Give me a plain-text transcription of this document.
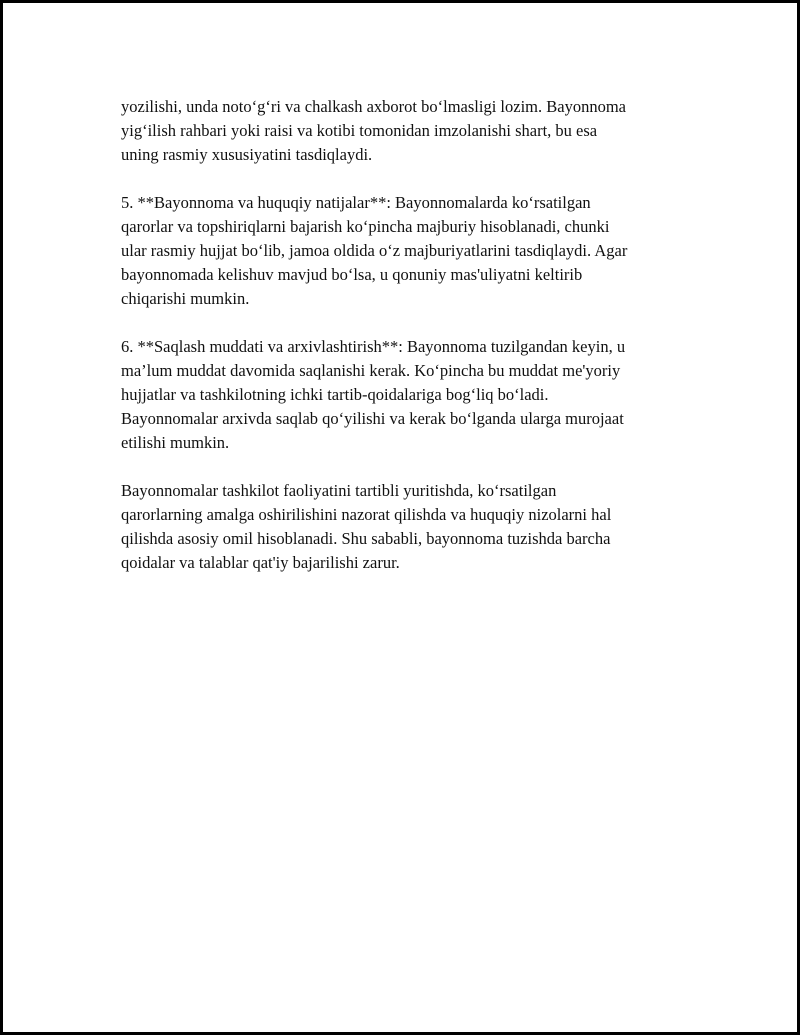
yozilishi, unda noto‘g‘ri va chalkash axborot bo‘lmasligi lozim. Bayonnoma
yig‘ilish rahbari yoki raisi va kotibi tomonidan imzolanishi shart, bu esa
uning rasmiy xususiyatini tasdiqlaydi.

5. **Bayonnoma va huquqiy natijalar**: Bayonnomalarda ko‘rsatilgan
qarorlar va topshiriqlarni bajarish ko‘pincha majburiy hisoblanadi, chunki
ular rasmiy hujjat bo‘lib, jamoa oldida o‘z majburiyatlarini tasdiqlaydi. Agar
bayonnomada kelishuv mavjud bo‘lsa, u qonuniy mas'uliyatni keltirib
chiqarishi mumkin.

6. **Saqlash muddati va arxivlashtirish**: Bayonnoma tuzilgandan keyin, u
ma’lum muddat davomida saqlanishi kerak. Ko‘pincha bu muddat me'yoriy
hujjatlar va tashkilotning ichki tartib-qoidalariga bog‘liq bo‘ladi.
Bayonnomalar arxivda saqlab qo‘yilishi va kerak bo‘lganda ularga murojaat
etilishi mumkin.

Bayonnomalar tashkilot faoliyatini tartibli yuritishda, ko‘rsatilgan
qarorlarning amalga oshirilishini nazorat qilishda va huquqiy nizolarni hal
qilishda asosiy omil hisoblanadi. Shu sababli, bayonnoma tuzishda barcha
qoidalar va talablar qat'iy bajarilishi zarur.
